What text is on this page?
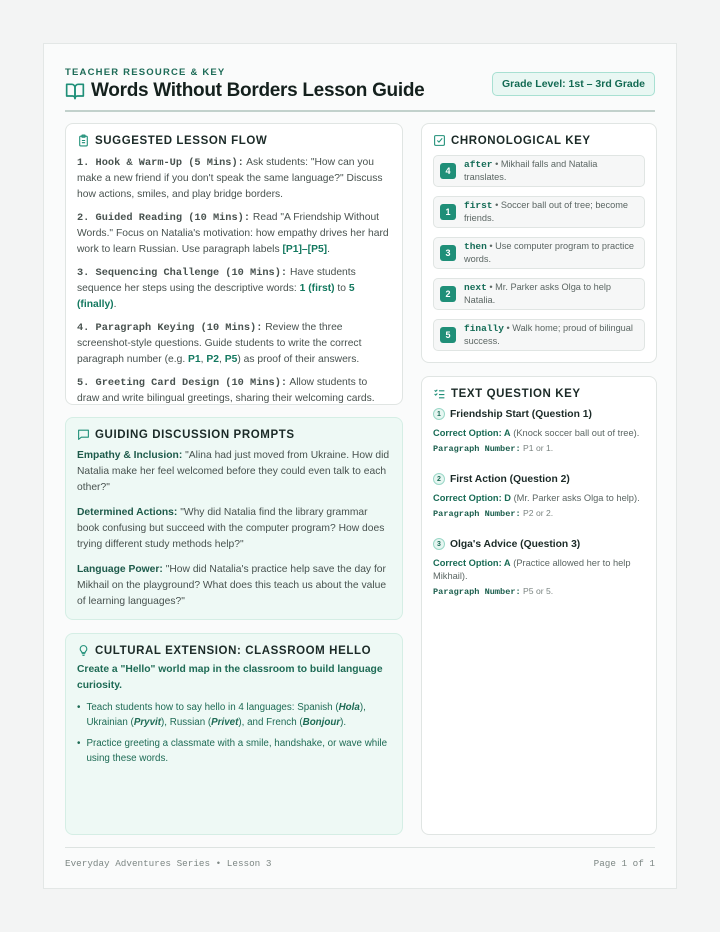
TEACHER RESOURCE & KEY
Words Without Borders Lesson Guide	Grade Level: 1st – 3rd Grade
SUGGESTED LESSON FLOW
1. Hook & Warm-Up (5 Mins): Ask students: "How can you make a new friend if you don't speak the same language?" Discuss how actions, smiles, and play bridge borders.
2. Guided Reading (10 Mins): Read "A Friendship Without Words." Focus on Natalia's motivation: how empathy drives her hard work to learn Russian. Use paragraph labels [P1]–[P5].
3. Sequencing Challenge (10 Mins): Have students sequence her steps using the descriptive words: 1 (first) to 5 (finally).
4. Paragraph Keying (10 Mins): Review the three screenshot-style questions. Guide students to write the correct paragraph number (e.g. P1, P2, P5) as proof of their answers.
5. Greeting Card Design (10 Mins): Allow students to draw and write bilingual greetings, sharing their welcoming cards.
GUIDING DISCUSSION PROMPTS
Empathy & Inclusion: "Alina had just moved from Ukraine. How did Natalia make her feel welcomed before they could even talk to each other?"
Determined Actions: "Why did Natalia find the library grammar book confusing but succeed with the computer program? How does trying different study methods help?"
Language Power: "How did Natalia's practice help save the day for Mikhail on the playground? What does this teach us about the value of learning languages?"
CULTURAL EXTENSION: CLASSROOM HELLO
Create a "Hello" world map in the classroom to build language curiosity.
• Teach students how to say hello in 4 languages: Spanish (Hola), Ukrainian (Pryvit), Russian (Privet), and French (Bonjour).
• Practice greeting a classmate with a smile, handshake, or wave while using these words.
CHRONOLOGICAL KEY
4
after • Mikhail falls and Natalia translates.
1
first • Soccer ball out of tree; become friends.
3
then • Use computer program to practice words.
2
next • Mr. Parker asks Olga to help Natalia.
5
finally • Walk home; proud of bilingual success.
TEXT QUESTION KEY
1 Friendship Start (Question 1)
Correct Option: A (Knock soccer ball out of tree).
Paragraph Number: P1 or 1.
2 First Action (Question 2)
Correct Option: D (Mr. Parker asks Olga to help).
Paragraph Number: P2 or 2.
3 Olga's Advice (Question 3)
Correct Option: A (Practice allowed her to help Mikhail).
Paragraph Number: P5 or 5.
Everyday Adventures Series • Lesson 3	Page 1 of 1
